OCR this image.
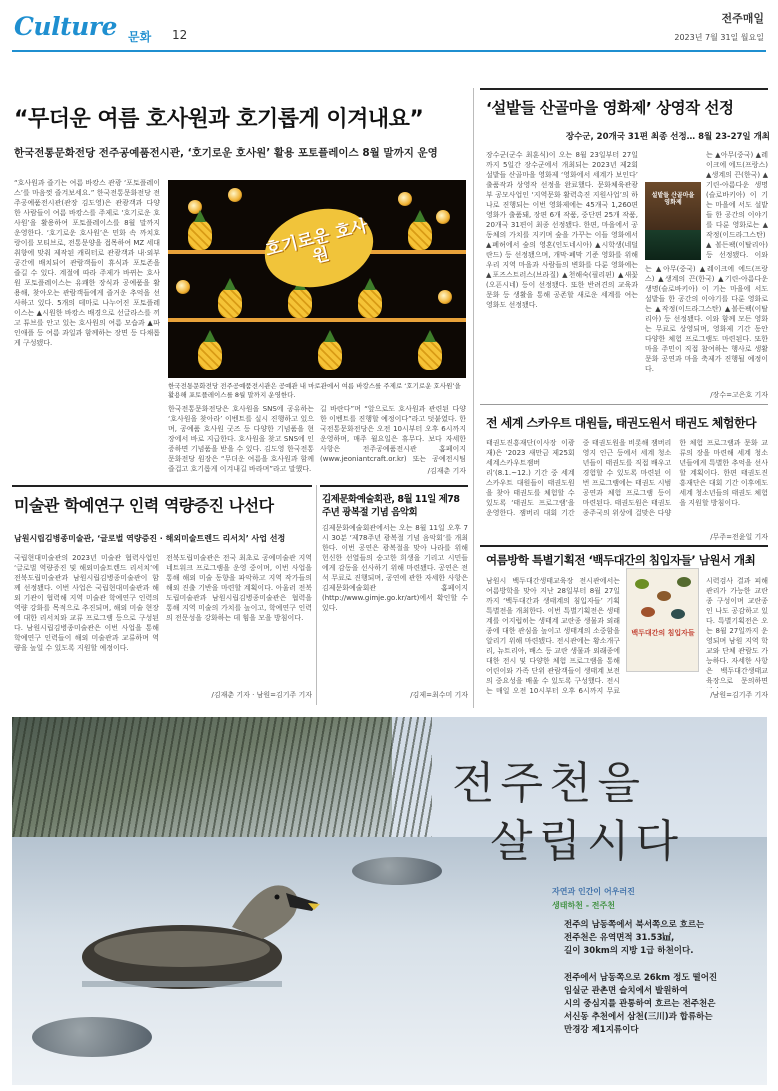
Culture 문화 12
전주매일
2023년 7월 31일 월요일
“무더운 여름 호사원과 호기롭게 이겨내요”
한국전통문화전당 전주공예품전시관, ‘호기로운 호사원’ 활용 포토플레이스 8월 말까지 운영
“호사원과 즐기는 여름 바캉스 관광 ‘포토플레이스’를 마음껏 즐겨보세요.” 한국전통문화전당 전주공예품전시관(관장 김도영)은 관광객과 다양한 사람들이 여름 바캉스를 주제로 ‘호기로운 호사원’을 활용하여 포토플레이스를 8월 말까지 운영한다. ‘호기로운 호사원’은 민화 속 까치호랑이를 모티브로, 전통문양을 접목하여 MZ 세대 취향에 맞춰 제작된 캐릭터로 관광객과 내·외부 공간에 배치되어 관람객들이 휴식과 포토존을 즐길 수 있다. 계절에 따라 주제가 바뀌는 호사원 포토플레이스는 유쾌한 장식과 공예품을 활용해, 찾아오는 관람객들에게 즐거운 추억을 선사하고 있다. 5개의 테마로 나누어진 포토플레이스는 ▲시원한 바캉스 배경으로 선글라스를 끼고 튜브를 안고 있는 호사원의 여름 모습과 ▲파인애플 등 여름 과일과 함께하는 장면 등 다채롭게 구성됐다.
호기로운 호사원
한국전통문화전당 전주공예품전시관은 공예관 내 마로관에서 여름 바캉스를 주제로 ‘호기로운 호사원’을 활용해 포토플레이스를 8월 말까지 운영한다.
한국전통문화전당은 호사원을 SNS에 공유하는 ‘호사원을 찾아라’ 이벤트를 실시 진행하고 있으며, 공예품 호사원 굿즈 등 다양한 기념품을 현장에서 바로 지급한다. 호사원을 찾고 SNS에 인증하면 기념품을 받을 수 있다. 김도영 한국전통문화전당 원장은 “무더운 여름을 호사원과 함께 즐겁고 호기롭게 이겨내길 바라며”라고 말했다.
길 바란다”며 “앞으로도 호사원과 관련된 다양한 이벤트를 진행할 예정이다”라고 덧붙였다. 한국전통문화전당은 오전 10시부터 오후 6시까지 운영하며, 매주 월요일은 휴무다. 보다 자세한 사항은 전주공예품전시관 홈페이지(www.jeoniantcraft.or.kr) 또는 공예전시팀
/김재춘 기자
‘설밭들 산골마을 영화제’ 상영작 선정
장수군, 20개국 31편 최종 선정… 8월 23-27일 개최
장수군(군수 최훈식)이 오는 8월 23일부터 27일까지 5일간 장수군에서 개최되는 2023년 제2회 설밭들 산골마을 영화제 ‘영화에서 세계가 보인다’ 출품작과 상영작 선정을 완료했다. 문화체육관광부 공모사업인 ‘지역문화 활력촉진 지원사업’의 하나로 진행되는 이번 영화제에는 45개국 1,260편 영화가 출품돼, 장편 6개 작품, 중단편 25개 작품, 20개국 31편이 최종 선정됐다. 한편, 마을에서 공동체의 가치를 지키며 숲을 가꾸는 이들 영화에서 ▲폐허에서 숲의 영혼(인도네시아) ▲시학생(네덜란드) 등 선정됐으며, 개막·폐막 기준 영화를 위해 우리 지역 마을과 사람들의 변화를 다룬 영화에는 ▲포즈스트러스(브라질) ▲천해숙(필리핀) ▲새꽃(오픈시네) 등이 선정됐다. 또한 반려견의 교육과 문화 등 생활을 통해 공존할 새로운 세계를 여는 영화도 선정됐다.
설밭들 산골마을 영화제
는 ▲아무(중국) ▲레이크에 에드(프랑스) ▲생계의 끈(한국) ▲기린-아름다운 생명(슬로바키아) 이 기는 마을에 서도 설밭들 한 공간의 이야기를 다룬 영화로는 ▲작정(이드라그스탄) ▲볼든팩(이탈리아) 등 선정됐다. 이와
는 ▲아무(중국) ▲레이크에 에드(프랑스) ▲생계의 끈(한국) ▲기린-아름다운 생명(슬로바키아) 이 기는 마을에 서도 설밭들 한 공간의 이야기를 다룬 영화로는 ▲작정(이드라그스탄) ▲볼든팩(이탈리아) 등 선정됐다. 이와 함께 모든 영화는 무료로 상영되며, 영화제 기간 동안 다양한 체험 프로그램도 마련된다. 또한 마을 주민이 직접 참여하는 행사로 생활문화 공연과 마을 축제가 진행될 예정이다.
/장수=고은호 기자
전 세계 스카우트 대원들, 태권도원서 태권도 체험한다
태권도진흥재단(이사장 이광재)은 ‘2023 새만금 제25회 세계스카우트잼버리’(8.1.~12.) 기간 중 세계 스카우트 대원들이 태권도원을 찾아 태권도를 체험할 수 있도록 ‘태권도 프로그램’을 운영한다. 잼버리 대회 기간 중 태권도원을 비롯해 잼버리 영지 인근 등에서 세계 청소년들이 태권도를 직접 배우고 경험할 수 있도록 마련된 이번 프로그램에는 태권도 시범공연과 체험 프로그램 등이 마련된다. 태권도원은 태권도 종주국의 위상에 걸맞은 다양한 체험 프로그램과 문화 교류의 장을 마련해 세계 청소년들에게 특별한 추억을 선사할 계획이다. 한편 태권도진흥재단은 대회 기간 이후에도 세계 청소년들의 태권도 체험을 지원할 방침이다.
/무주=전윤일 기자
여름방학 특별기획전 ‘백두대간의 침입자들’ 남원서 개최
남원시 백두대간생태교육장 전시관에서는 여름방학을 맞아 지난 28일부터 8월 27일까지 ‘백두대간과 생태계의 침입자들’ 기획 특별전을 개최한다. 이번 특별기획전은 생태계를 어지럽히는 생태계 교란종 생물과 외래종에 대한 관심을 높이고 생태계의 소중함을 알리기 위해 마련됐다. 전시관에는 황소개구리, 뉴트리아, 배스 등 교란 생물과 외래종에 대한 전시 및 다양한 체험 프로그램을 통해 어린이와 가족 단위 관람객들이 생태계 보전의 중요성을 배울 수 있도록 구성했다. 전시는 매일 오전 10시부터 오후 6시까지 무료
백두대간의 침입자들
시력검사 결과 피해 관리가 가능한 교란종 구성이며 교란종인 나도 공감하고 있다. 특별기획전은 오는 8월 27일까지 운영되며 남원 지역 학교와 단체 관람도 가능하다. 자세한 사항은 백두대간생태교육장으로 문의하면
/남원=김기주 기자
미술관 학예연구 인력 역량증진 나선다
남원시립김병종미술관, ‘글로벌 역량증진 · 해외미술트렌드 리서치’ 사업 선정
국립현대미술관의 2023년 미술관 협력사업인 ‘글로벌 역량증진 및 해외미술트렌드 리서치’에 전북도립미술관과 남원시립김병종미술관이 함께 선정됐다. 이번 사업은 국립현대미술관과 해외 기관이 협력해 지역 미술관 학예연구 인력의 역량 강화를 목적으로 추진되며, 해외 미술 현장에 대한 리서치와 교류 프로그램 등으로 구성된다. 남원시립김병종미술관은 이번 사업을 통해 학예연구 인력들이 해외 미술관과 교류하며 역량을 높일 수 있도록 지원할 예정이다.
전북도립미술관은 전국 최초로 공예미술관 지역네트워크 프로그램을 운영 중이며, 이번 사업을 통해 해외 미술 동향을 파악하고 지역 작가들의 해외 진출 기반을 마련할 계획이다. 아울러 전북도립미술관과 남원시립김병종미술관은 협력을 통해 지역 미술의 가치를 높이고, 학예연구 인력의 전문성을 강화하는 데 힘을 모을 방침이다.
/김재춘 기자 · 남원=김기주 기자
김제문화예술회관, 8월 11일 제78주년 광복절 기념 음악회
김제문화예술회관에서는 오는 8월 11일 오후 7시 30분 ‘제78주년 광복절 기념 음악회’를 개최한다. 이번 공연은 광복절을 맞아 나라를 위해 헌신한 선열들의 숭고한 희생을 기리고 시민들에게 감동을 선사하기 위해 마련됐다. 공연은 전석 무료로 진행되며, 공연에 관한 자세한 사항은 김제문화예술회관 홈페이지(http://www.gimje.go.kr/art)에서 확인할 수 있다.
/김제=최수미 기자
전주천을
살립시다
자연과 인간이 어우러진
생태하천 - 전주천
전주의 남동쪽에서 북서쪽으로 흐르는
전주천은 유역면적 31.53㎢,
길이 30km의 지방 1급 하천이다.
전주에서 남동쪽으로 26km 정도 떨어진
임실군 관촌면 슬치에서 발원하여
시의 중심지를 관통하여 흐르는 전주천은
서신동 추천에서 삼천(三川)과 합류하는
만경강 제1지류이다
